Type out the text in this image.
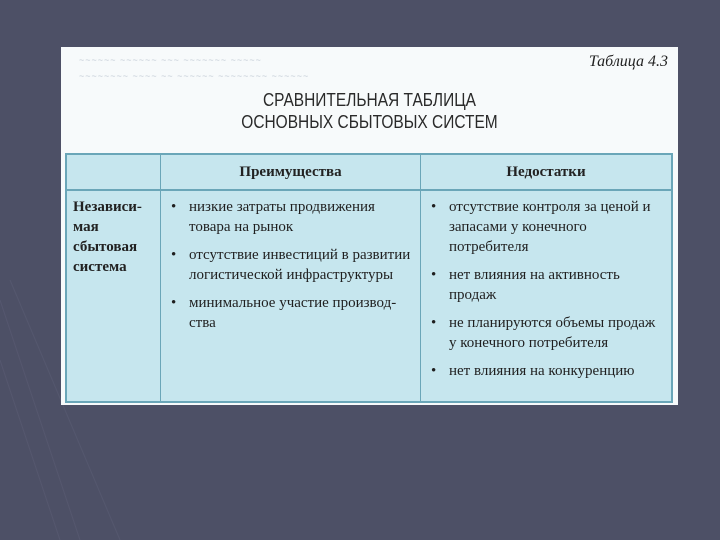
~~~~~~ ~~~~~~ ~~~ ~~~~~~~ ~~~~~
~~~~~~~~ ~~~~ ~~ ~~~~~~ ~~~~~~~~ ~~~~~~
Таблица 4.3
СРАВНИТЕЛЬНАЯ ТАБЛИЦА
ОСНОВНЫХ СБЫТОВЫХ СИСТЕМ
Преимущества	Недостатки
Независи-
мая
сбытовая
система
• низкие затраты продвижения
товара на рынок
• отсутствие инвестиций в развитии
логистической инфраструктуры
• минимальное участие производ-
ства
• отсутствие контроля за ценой и
запасами у конечного потребителя
• нет влияния на активность
продаж
• не планируются объемы продаж
у конечного потребителя
• нет влияния на конкуренцию
